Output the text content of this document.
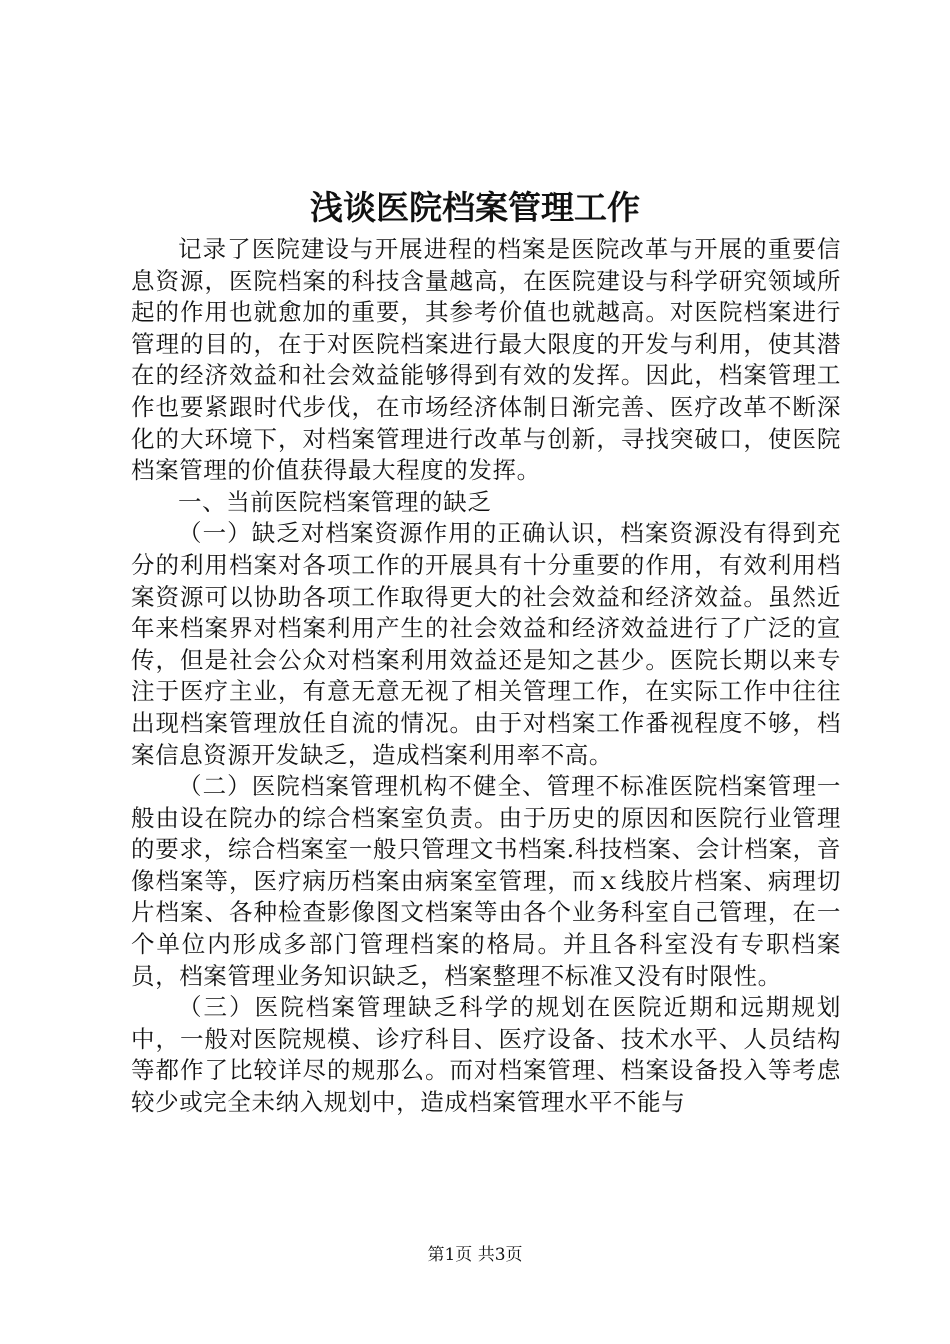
浅谈医院档案管理工作

记录了医院建设与开展进程的档案是医院改革与开展的重要信息资源，医院档案的科技含量越高，在医院建设与科学研究领域所起的作用也就愈加的重要，其参考价值也就越高。对医院档案进行管理的目的，在于对医院档案进行最大限度的开发与利用，使其潜在的经济效益和社会效益能够得到有效的发挥。因此，档案管理工作也要紧跟时代步伐，在市场经济体制日渐完善、医疗改革不断深化的大环境下，对档案管理进行改革与创新，寻找突破口，使医院档案管理的价值获得最大程度的发挥。

一、当前医院档案管理的缺乏

（一）缺乏对档案资源作用的正确认识，档案资源没有得到充分的利用档案对各项工作的开展具有十分重要的作用，有效利用档案资源可以协助各项工作取得更大的社会效益和经济效益。虽然近年来档案界对档案利用产生的社会效益和经济效益进行了广泛的宣传，但是社会公众对档案利用效益还是知之甚少。医院长期以来专注于医疗主业，有意无意无视了相关管理工作，在实际工作中往往出现档案管理放任自流的情况。由于对档案工作番视程度不够，档案信息资源开发缺乏，造成档案利用率不高。

（二）医院档案管理机构不健全、管理不标准医院档案管理一般由设在院办的综合档案室负责。由于历史的原因和医院行业管理的要求，综合档案室一般只管理文书档案.科技档案、会计档案，音像档案等，医疗病历档案由病案室管理，而ｘ线胶片档案、病理切片档案、各种检查影像图文档案等由各个业务科室自己管理，在一个单位内形成多部门管理档案的格局。并且各科室没有专职档案员，档案管理业务知识缺乏，档案整理不标准又没有时限性。

（三）医院档案管理缺乏科学的规划在医院近期和远期规划中，一般对医院规模、诊疗科目、医疗设备、技术水平、人员结构等都作了比较详尽的规那么。而对档案管理、档案设备投入等考虑较少或完全未纳入规划中，造成档案管理水平不能与

第1页 共3页
